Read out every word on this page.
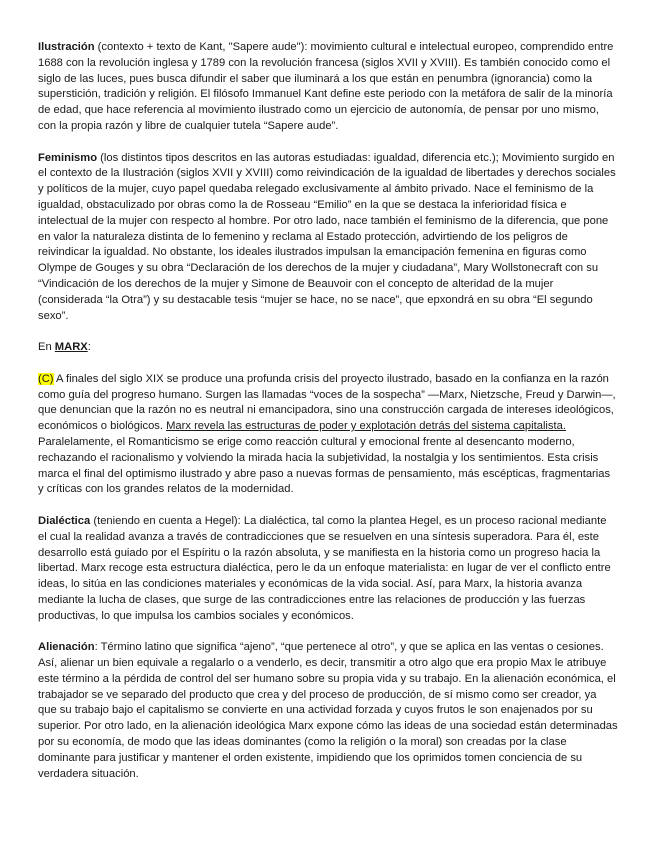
Ilustración (contexto + texto de Kant, "Sapere aude"): movimiento cultural e intelectual europeo, comprendido entre 1688 con la revolución inglesa y 1789 con la revolución francesa (siglos XVII y XVIII). Es también conocido como el siglo de las luces, pues busca difundir el saber que iluminará a los que están en penumbra (ignorancia) como la superstición, tradición y religión. El filósofo Immanuel Kant define este periodo con la metáfora de salir de la minoría de edad, que hace referencia al movimiento ilustrado como un ejercicio de autonomía, de pensar por uno mismo, con la propia razón y libre de cualquier tutela “Sapere aude”.

Feminismo (los distintos tipos descritos en las autoras estudiadas: igualdad, diferencia etc.); Movimiento surgido en el contexto de la Ilustración (siglos XVII y XVIII) como reivindicación de la igualdad de libertades y derechos sociales y políticos de la mujer, cuyo papel quedaba relegado exclusivamente al ámbito privado. Nace el feminismo de la igualdad, obstaculizado por obras como la de Rosseau “Emilio” en la que se destaca la inferioridad física e intelectual de la mujer con respecto al hombre. Por otro lado, nace también el feminismo de la diferencia, que pone en valor la naturaleza distinta de lo femenino y reclama al Estado protección, advirtiendo de los peligros de reivindicar la igualdad. No obstante, los ideales ilustrados impulsan la emancipación femenina en figuras como Olympe de Gouges y su obra “Declaración de los derechos de la mujer y ciudadana”, Mary Wollstonecraft con su “Vindicación de los derechos de la mujer y Simone de Beauvoir con el concepto de alteridad de la mujer (considerada “la Otra”) y su destacable tesis “mujer se hace, no se nace”, que epxondrá en su obra “El segundo sexo”.

En MARX:

(C) A finales del siglo XIX se produce una profunda crisis del proyecto ilustrado, basado en la confianza en la razón como guía del progreso humano. Surgen las llamadas “voces de la sospecha” —Marx, Nietzsche, Freud y Darwin—, que denuncian que la razón no es neutral ni emancipadora, sino una construcción cargada de intereses ideológicos, económicos o biológicos. Marx revela las estructuras de poder y explotación detrás del sistema capitalista. Paralelamente, el Romanticismo se erige como reacción cultural y emocional frente al desencanto moderno, rechazando el racionalismo y volviendo la mirada hacia la subjetividad, la nostalgia y los sentimientos. Esta crisis marca el final del optimismo ilustrado y abre paso a nuevas formas de pensamiento, más escépticas, fragmentarias y críticas con los grandes relatos de la modernidad.

Dialéctica (teniendo en cuenta a Hegel): La dialéctica, tal como la plantea Hegel, es un proceso racional mediante el cual la realidad avanza a través de contradicciones que se resuelven en una síntesis superadora. Para él, este desarrollo está guiado por el Espíritu o la razón absoluta, y se manifiesta en la historia como un progreso hacia la libertad. Marx recoge esta estructura dialéctica, pero le da un enfoque materialista: en lugar de ver el conflicto entre ideas, lo sitúa en las condiciones materiales y económicas de la vida social. Así, para Marx, la historia avanza mediante la lucha de clases, que surge de las contradicciones entre las relaciones de producción y las fuerzas productivas, lo que impulsa los cambios sociales y económicos.

Alienación: Término latino que significa “ajeno”, “que pertenece al otro”, y que se aplica en las ventas o cesiones. Así, alienar un bien equivale a regalarlo o a venderlo, es decir, transmitir a otro algo que era propio Max le atribuye este término a la pérdida de control del ser humano sobre su propia vida y su trabajo. En la alienación económica, el trabajador se ve separado del producto que crea y del proceso de producción, de sí mismo como ser creador, ya que su trabajo bajo el capitalismo se convierte en una actividad forzada y cuyos frutos le son enajenados por su superior. Por otro lado, en la alienación ideológica Marx expone cómo las ideas de una sociedad están determinadas por su economía, de modo que las ideas dominantes (como la religión o la moral) son creadas por la clase dominante para justificar y mantener el orden existente, impidiendo que los oprimidos tomen conciencia de su verdadera situación.
